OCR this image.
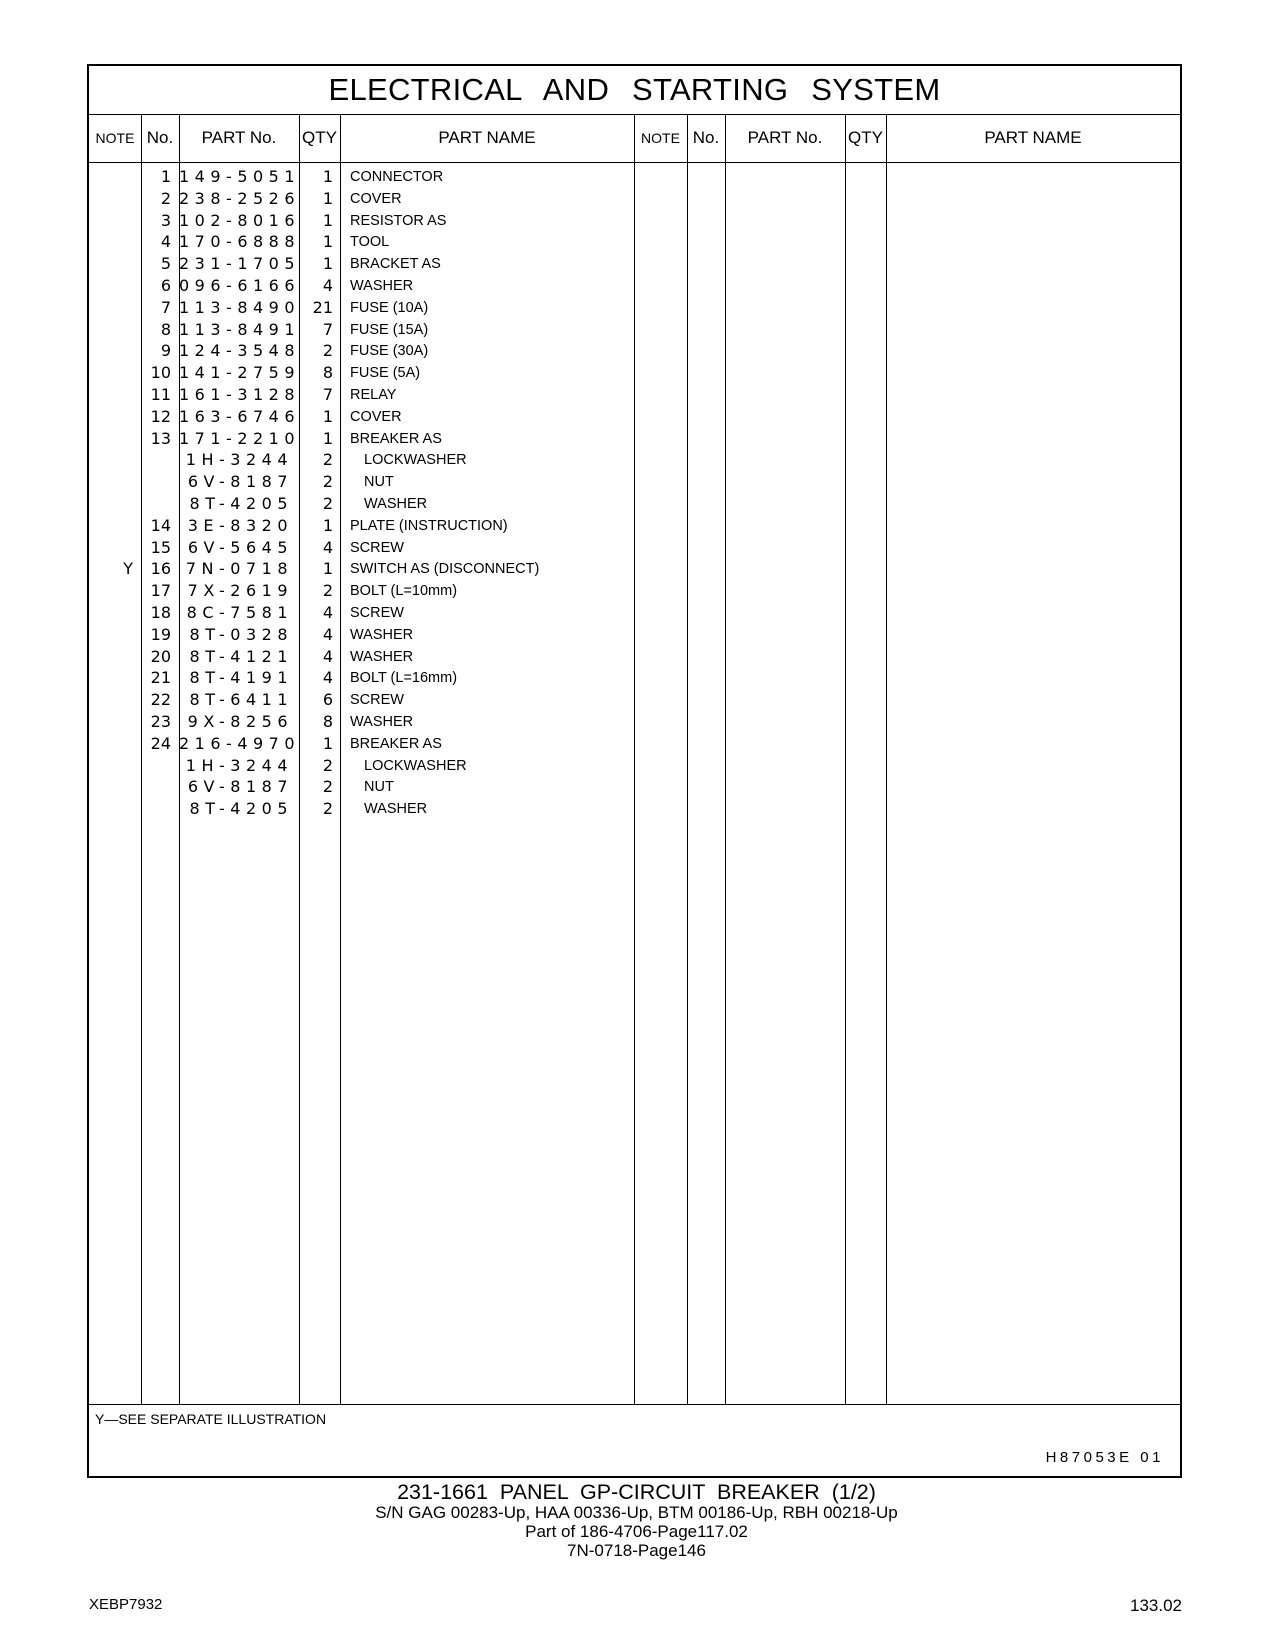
ELECTRICAL AND STARTING SYSTEM
NOTE No.	PART No.	QTY	PART NAME	NOTE No.	PART No.	QTY	PART NAME
1 149-5051	1 CONNECTOR
2 238-2526	1 COVER
3 102-8016	1 RESISTOR AS
4 170-6888	1 TOOL
5 231-1705	1 BRACKET AS
6 096-6166	4 WASHER
7 113-8490 21 FUSE (10A)
8 113-8491	7 FUSE (15A)
9 124-3548	2 FUSE (30A)
10 141-2759	8 FUSE (5A)
11 161-3128	7 RELAY
12 163-6746	1 COVER
13 171-2210	1 BREAKER AS
1H-3244	2	LOCKWASHER
6V-8187	2	NUT
8T-4205	2	WASHER
14	3E-8320	1 PLATE (INSTRUCTION)
15	6V-5645	4 SCREW
Y	16 7N-0718	1 SWITCH AS (DISCONNECT)
17	7X-2619	2 BOLT (L=10mm)
18 8C-7581	4 SCREW
19	8T-0328	4 WASHER
20	8T-4121	4 WASHER
21	8T-4191	4 BOLT (L=16mm)
22	8T-6411	6 SCREW
23	9X-8256	8 WASHER
24 216-4970	1 BREAKER AS
1H-3244	2	LOCKWASHER
6V-8187	2	NUT
8T-4205	2	WASHER
Y—SEE SEPARATE ILLUSTRATION
H87053E 01
231-1661 PANEL GP-CIRCUIT BREAKER (1/2)
S/N GAG 00283-Up, HAA 00336-Up, BTM 00186-Up, RBH 00218-Up
Part of 186-4706-Page117.02
7N-0718-Page146
XEBP7932	133.02
